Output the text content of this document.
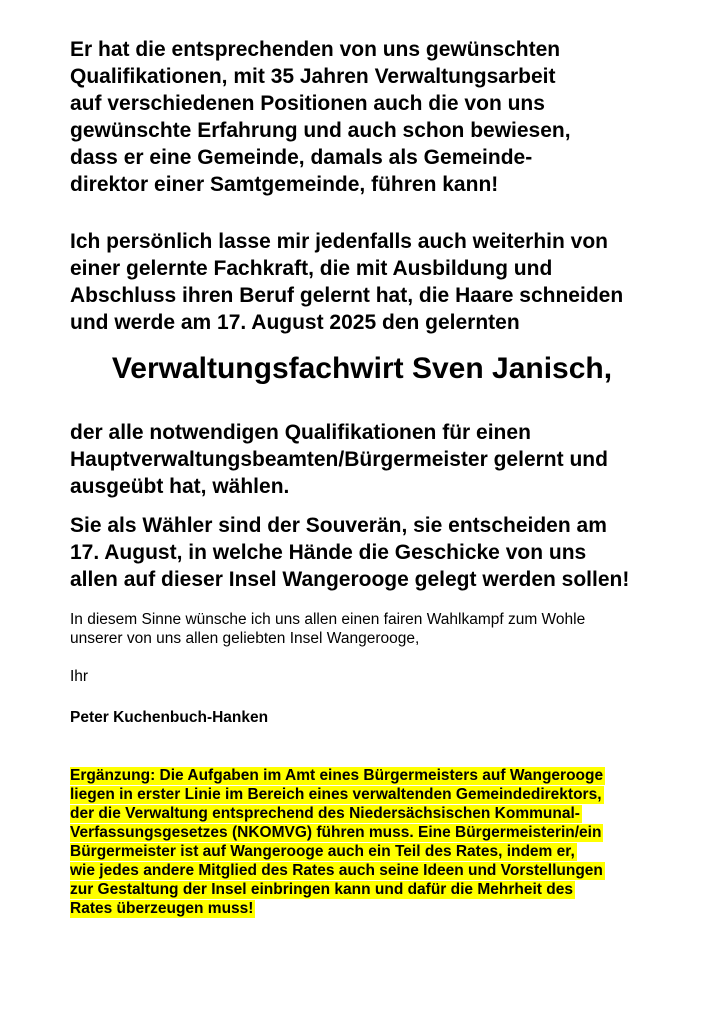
Er hat die entsprechenden von uns gewünschten
Qualifikationen, mit 35 Jahren Verwaltungsarbeit
auf verschiedenen Positionen auch die von uns
gewünschte Erfahrung und auch schon bewiesen,
dass er eine Gemeinde, damals als Gemeinde-
direktor einer Samtgemeinde, führen kann!
Ich persönlich lasse mir jedenfalls auch weiterhin von
einer gelernte Fachkraft, die mit Ausbildung und
Abschluss ihren Beruf gelernt hat, die Haare schneiden
und werde am 17. August 2025 den gelernten
Verwaltungsfachwirt Sven Janisch,
der alle notwendigen Qualifikationen für einen
Hauptverwaltungsbeamten/Bürgermeister gelernt und
ausgeübt hat, wählen.
Sie als Wähler sind der Souverän, sie entscheiden am
17. August, in welche Hände die Geschicke von uns
allen auf dieser Insel Wangerooge gelegt werden sollen!
In diesem Sinne wünsche ich uns allen einen fairen Wahlkampf zum Wohle
unserer von uns allen geliebten Insel Wangerooge,
Ihr
Peter Kuchenbuch-Hanken
Ergänzung: Die Aufgaben im Amt eines Bürgermeisters auf Wangerooge
liegen in erster Linie im Bereich eines verwaltenden Gemeindedirektors,
der die Verwaltung entsprechend des Niedersächsischen Kommunal-
Verfassungsgesetzes (NKOMVG) führen muss. Eine Bürgermeisterin/ein
Bürgermeister ist auf Wangerooge auch ein Teil des Rates, indem er,
wie jedes andere Mitglied des Rates auch seine Ideen und Vorstellungen
zur Gestaltung der Insel einbringen kann und dafür die Mehrheit des
Rates überzeugen muss!
